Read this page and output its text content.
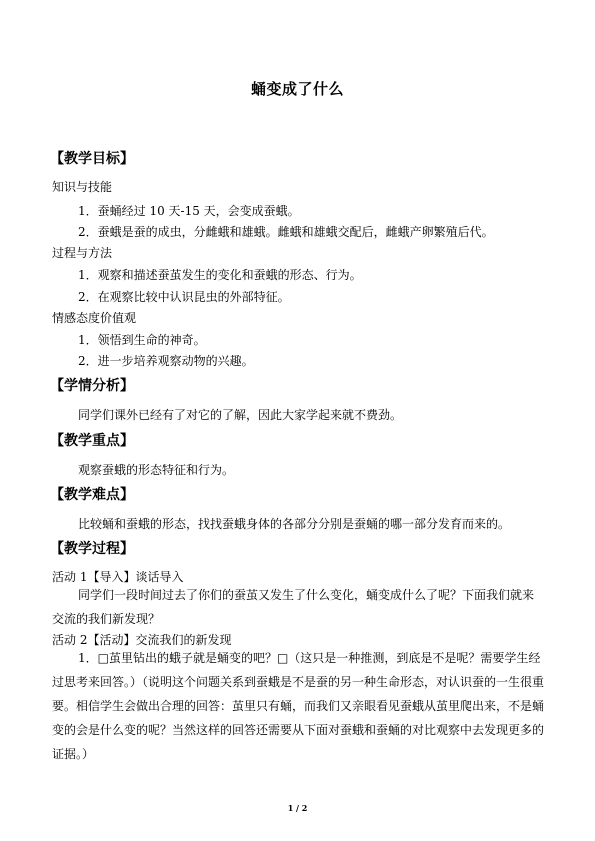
蛹变成了什么
【教学目标】
知识与技能
1．蚕蛹经过 10 天-15 天，会变成蚕蛾。
2．蚕蛾是蚕的成虫，分雌蛾和雄蛾。雌蛾和雄蛾交配后，雌蛾产卵繁殖后代。
过程与方法
1．观察和描述蚕茧发生的变化和蚕蛾的形态、行为。
2．在观察比较中认识昆虫的外部特征。
情感态度价值观
1．领悟到生命的神奇。
2．进一步培养观察动物的兴趣。
【学情分析】
同学们课外已经有了对它的了解，因此大家学起来就不费劲。
【教学重点】
观察蚕蛾的形态特征和行为。
【教学难点】
比较蛹和蚕蛾的形态，找找蚕蛾身体的各部分分别是蚕蛹的哪一部分发育而来的。
【教学过程】
活动 1【导入】谈话导入
同学们一段时间过去了你们的蚕茧又发生了什么变化，蛹变成什么了呢？下面我们就来交流的我们新发现？
活动 2【活动】交流我们的新发现
1．□茧里钻出的蛾子就是蛹变的吧？□（这只是一种推测，到底是不是呢？需要学生经过思考来回答。）（说明这个问题关系到蚕蛾是不是蚕的另一种生命形态，对认识蚕的一生很重要。相信学生会做出合理的回答：茧里只有蛹，而我们又亲眼看见蚕蛾从茧里爬出来，不是蛹变的会是什么变的呢？当然这样的回答还需要从下面对蚕蛾和蚕蛹的对比观察中去发现更多的证据。）
1 / 2
